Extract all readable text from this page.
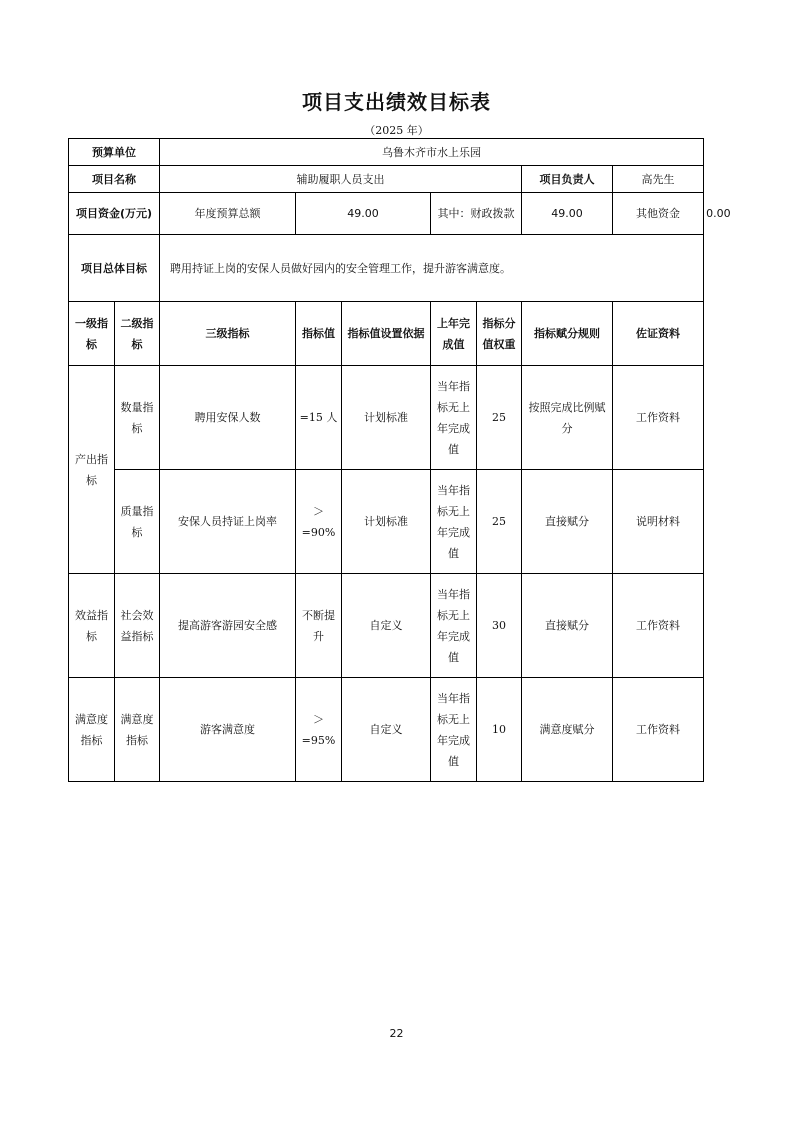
项目支出绩效目标表
（2025 年）
预算单位	乌鲁木齐市水上乐园					
项目名称	辅助履职人员支出			项目负责人	高先生	
项目资金(万元)	年度预算总额	49.00	其中：财政拨款	49.00	其他资金	0.00
项目总体目标		聘用持证上岗的安保人员做好园内的安全管理工作，提升游客满意度。						
一级指标	二级指标	三级指标	指标值	指标值设置依据	上年完成值	指标分值权重	指标赋分规则	佐证资料
产出指标	数量指标	聘用安保人数	=15 人	计划标准	当年指标无上年完成值	25	按照完成比例赋分	工作资料
	质量指标	安保人员持证上岗率	＞
=90%	计划标准	当年指标无上年完成值	25	直接赋分	说明材料
效益指标	社会效益指标	提高游客游园安全感	不断提升	自定义	当年指标无上年完成值	30	直接赋分	工作资料
满意度指标	满意度指标	游客满意度	＞
=95%	自定义	当年指标无上年完成值	10	满意度赋分	工作资料
22
